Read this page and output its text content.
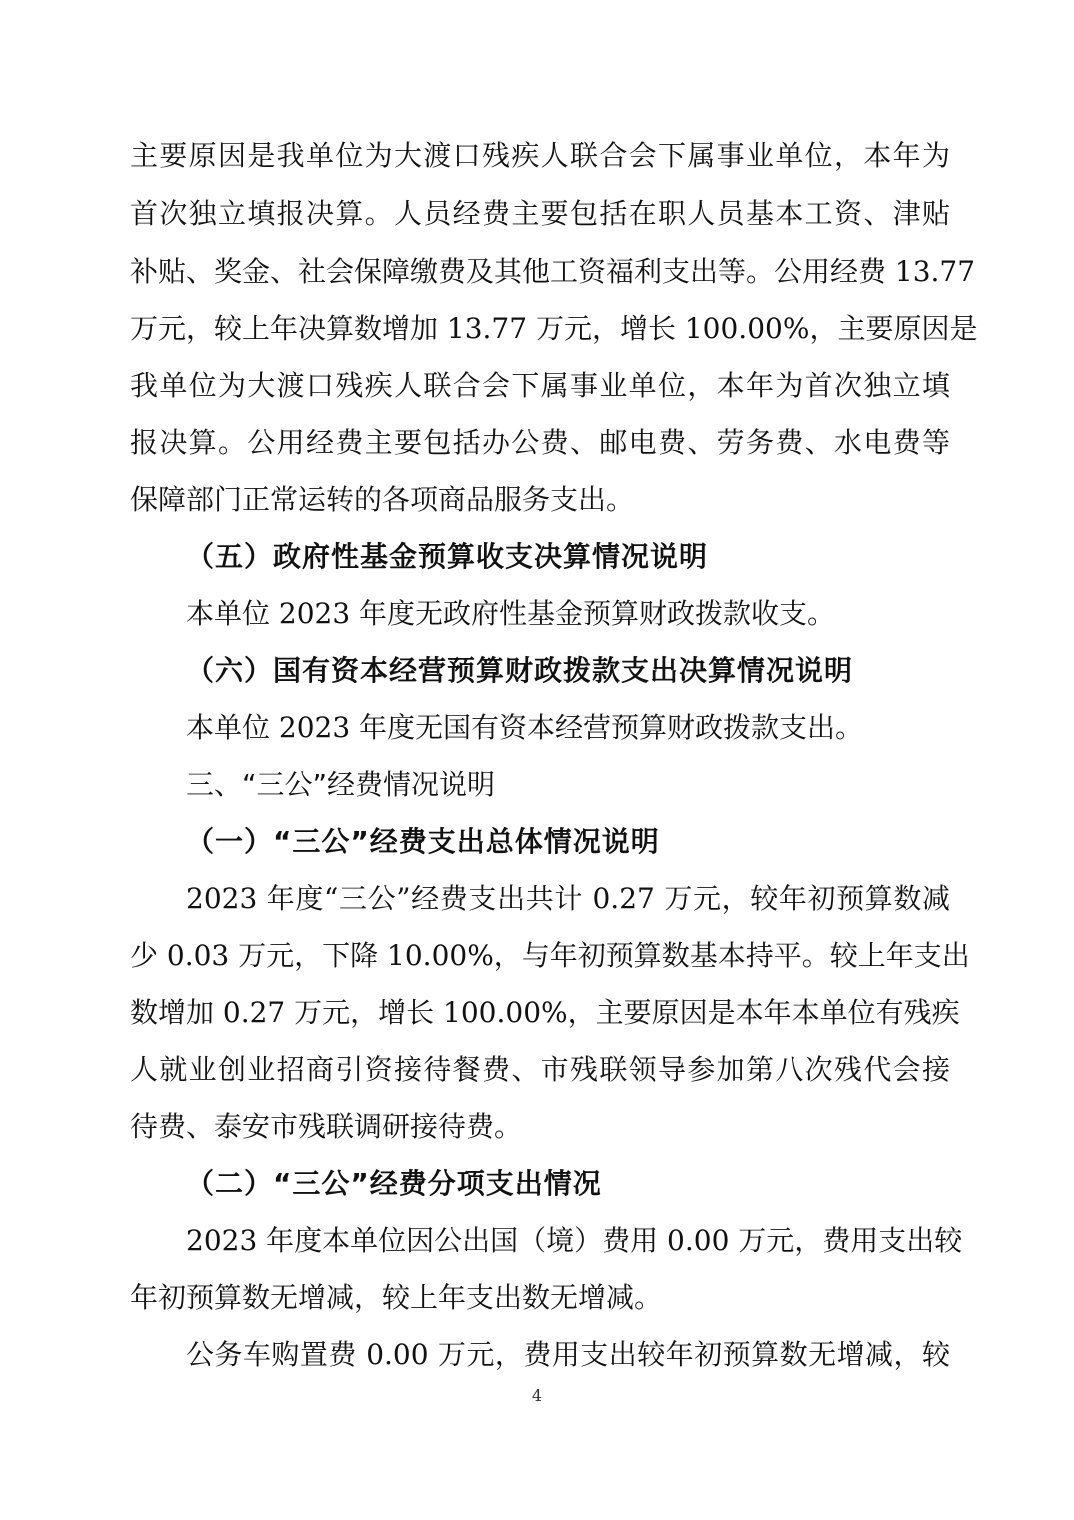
主要原因是我单位为大渡口残疾人联合会下属事业单位，本年为
首次独立填报决算。人员经费主要包括在职人员基本工资、津贴
补贴、奖金、社会保障缴费及其他工资福利支出等。公用经费 13.77
万元，较上年决算数增加 13.77 万元，增长 100.00%，主要原因是
我单位为大渡口残疾人联合会下属事业单位，本年为首次独立填
报决算。公用经费主要包括办公费、邮电费、劳务费、水电费等
保障部门正常运转的各项商品服务支出。
（五）政府性基金预算收支决算情况说明
本单位 2023 年度无政府性基金预算财政拨款收支。
（六）国有资本经营预算财政拨款支出决算情况说明
本单位 2023 年度无国有资本经营预算财政拨款支出。
三、“三公”经费情况说明
（一）“三公”经费支出总体情况说明
2023 年度“三公”经费支出共计 0.27 万元，较年初预算数减
少 0.03 万元，下降 10.00%，与年初预算数基本持平。较上年支出
数增加 0.27 万元，增长 100.00%，主要原因是本年本单位有残疾
人就业创业招商引资接待餐费、市残联领导参加第八次残代会接
待费、泰安市残联调研接待费。
（二）“三公”经费分项支出情况
2023 年度本单位因公出国（境）费用 0.00 万元，费用支出较
年初预算数无增减，较上年支出数无增减。
公务车购置费 0.00 万元，费用支出较年初预算数无增减，较
4
